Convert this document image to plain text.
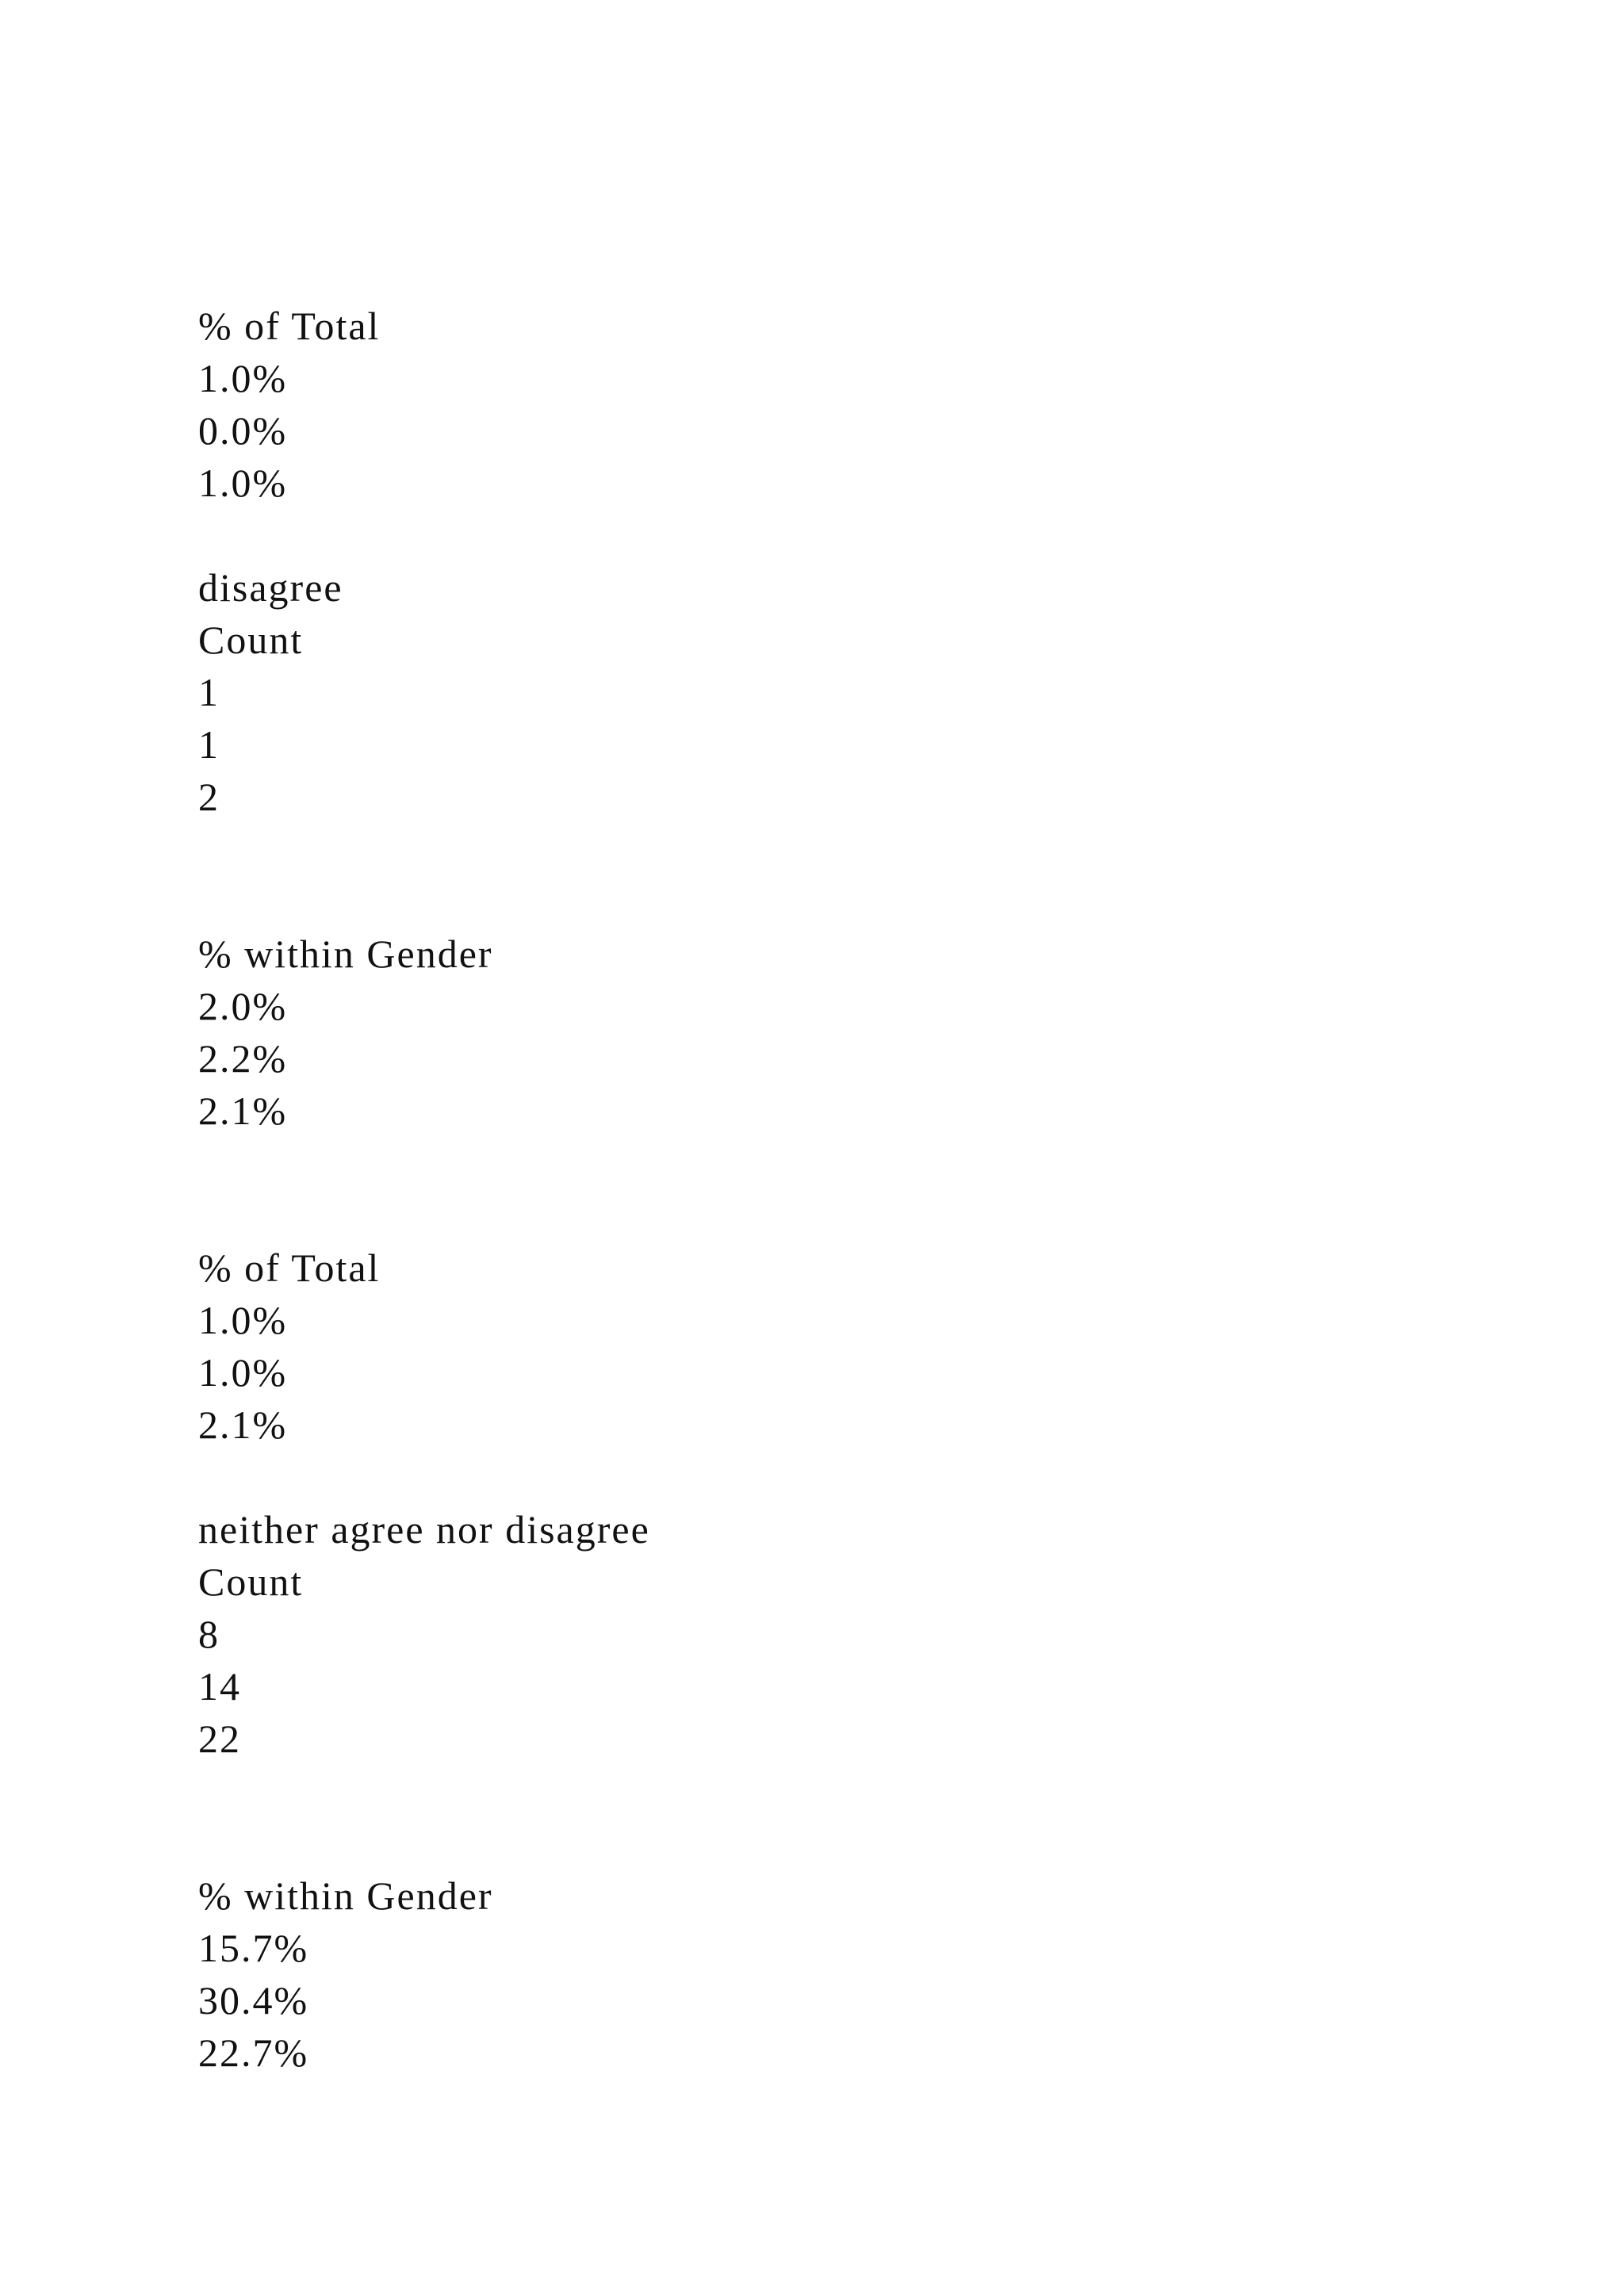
% of Total
1.0%
0.0%
1.0%
disagree
Count
1
1
2
% within Gender
2.0%
2.2%
2.1%
% of Total
1.0%
1.0%
2.1%
neither agree nor disagree
Count
8
14
22
% within Gender
15.7%
30.4%
22.7%
